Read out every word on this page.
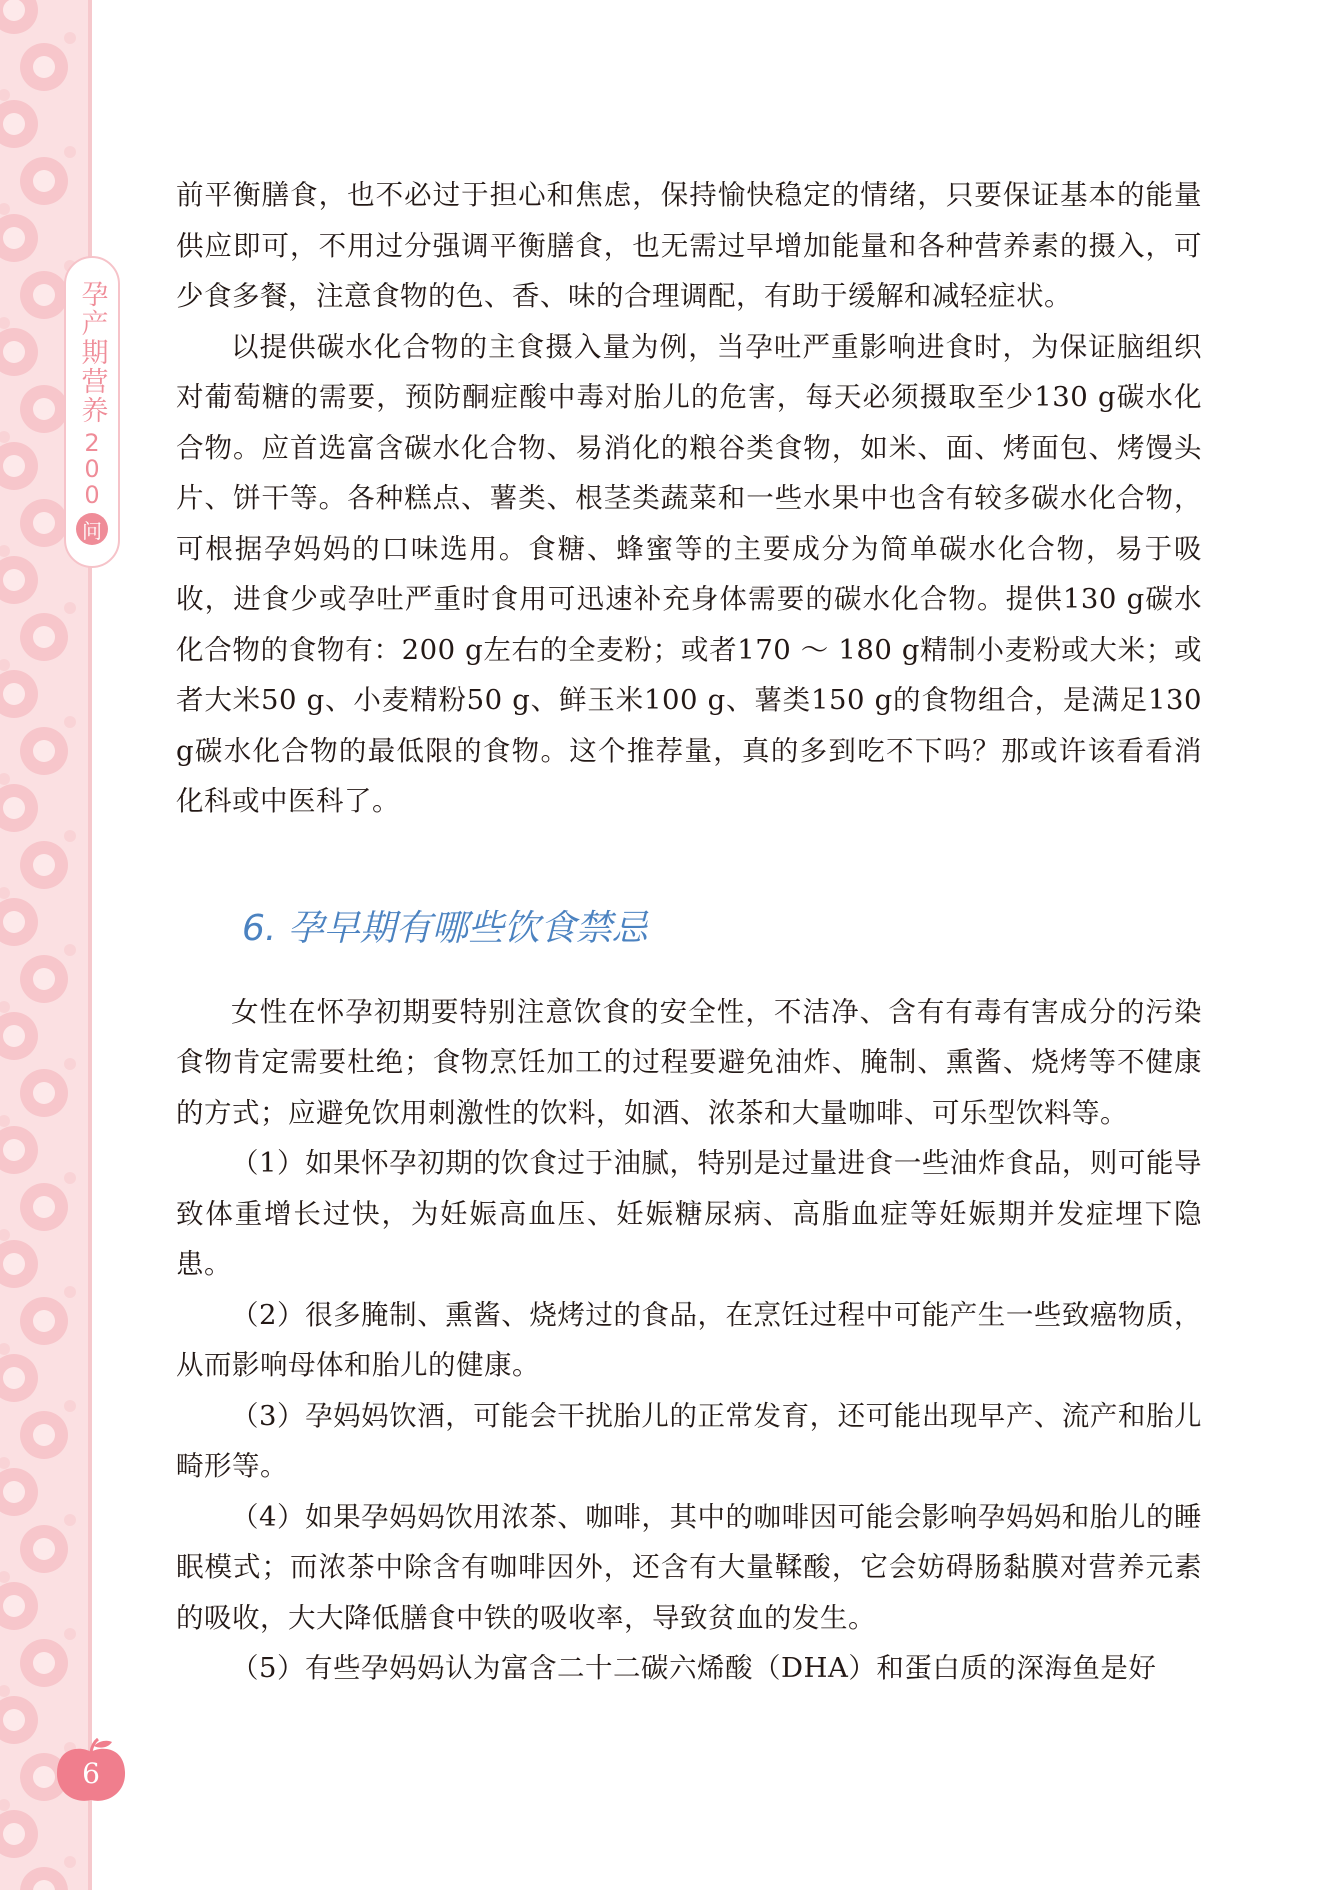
孕产期营养
200
问

前平衡膳食，也不必过于担心和焦虑，保持愉快稳定的情绪，只要保证基本的能量供应即可，不用过分强调平衡膳食，也无需过早增加能量和各种营养素的摄入，可少食多餐，注意食物的色、香、味的合理调配，有助于缓解和减轻症状。

以提供碳水化合物的主食摄入量为例，当孕吐严重影响进食时，为保证脑组织对葡萄糖的需要，预防酮症酸中毒对胎儿的危害，每天必须摄取至少130 g碳水化合物。应首选富含碳水化合物、易消化的粮谷类食物，如米、面、烤面包、烤馒头片、饼干等。各种糕点、薯类、根茎类蔬菜和一些水果中也含有较多碳水化合物，可根据孕妈妈的口味选用。食糖、蜂蜜等的主要成分为简单碳水化合物，易于吸收，进食少或孕吐严重时食用可迅速补充身体需要的碳水化合物。提供130 g碳水化合物的食物有：200 g左右的全麦粉；或者170 ～ 180 g精制小麦粉或大米；或者大米50 g、小麦精粉50 g、鲜玉米100 g、薯类150 g的食物组合，是满足130 g碳水化合物的最低限的食物。这个推荐量，真的多到吃不下吗？那或许该看看消化科或中医科了。

6. 孕早期有哪些饮食禁忌

女性在怀孕初期要特别注意饮食的安全性，不洁净、含有有毒有害成分的污染食物肯定需要杜绝；食物烹饪加工的过程要避免油炸、腌制、熏酱、烧烤等不健康的方式；应避免饮用刺激性的饮料，如酒、浓茶和大量咖啡、可乐型饮料等。

（1）如果怀孕初期的饮食过于油腻，特别是过量进食一些油炸食品，则可能导致体重增长过快，为妊娠高血压、妊娠糖尿病、高脂血症等妊娠期并发症埋下隐患。

（2）很多腌制、熏酱、烧烤过的食品，在烹饪过程中可能产生一些致癌物质，从而影响母体和胎儿的健康。

（3）孕妈妈饮酒，可能会干扰胎儿的正常发育，还可能出现早产、流产和胎儿畸形等。

（4）如果孕妈妈饮用浓茶、咖啡，其中的咖啡因可能会影响孕妈妈和胎儿的睡眠模式；而浓茶中除含有咖啡因外，还含有大量鞣酸，它会妨碍肠黏膜对营养元素的吸收，大大降低膳食中铁的吸收率，导致贫血的发生。

（5）有些孕妈妈认为富含二十二碳六烯酸（DHA）和蛋白质的深海鱼是好

6
